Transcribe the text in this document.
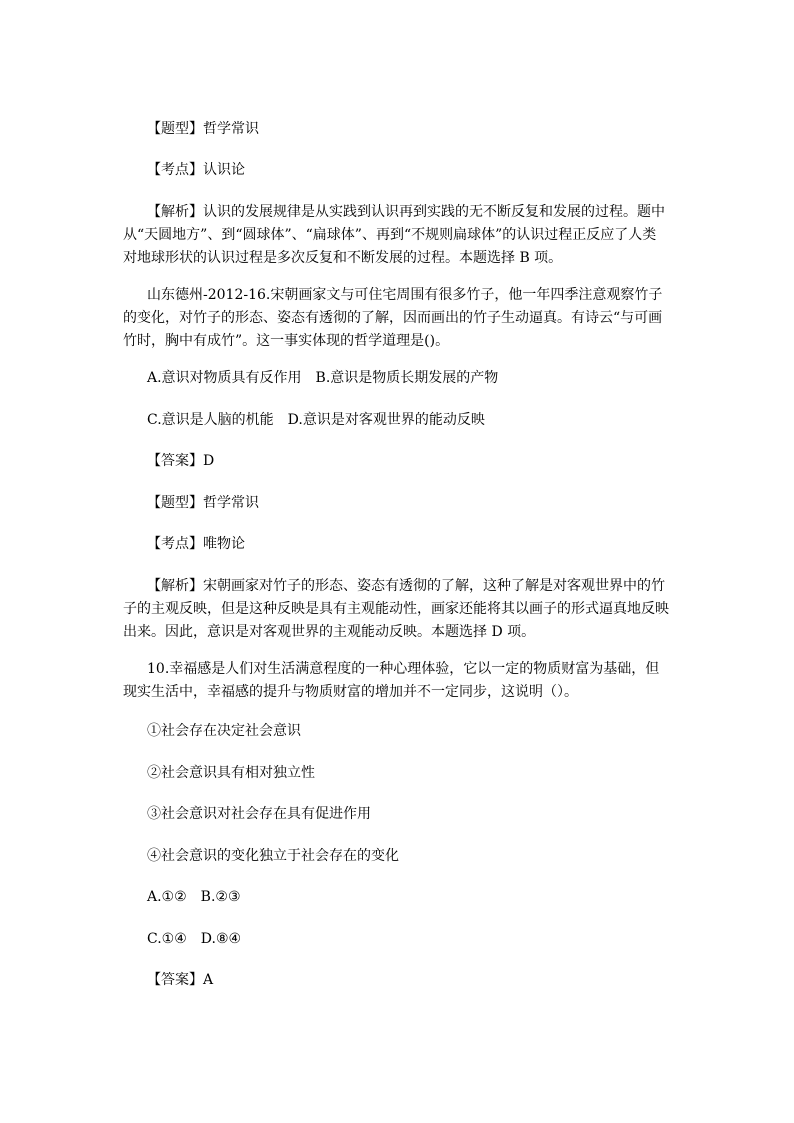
【题型】哲学常识

【考点】认识论

【解析】认识的发展规律是从实践到认识再到实践的无不断反复和发展的过程。题中从“天圆地方”、到“圆球体”、“扁球体”、再到“不规则扁球体”的认识过程正反应了人类对地球形状的认识过程是多次反复和不断发展的过程。本题选择 B 项。

山东德州-2012-16.宋朝画家文与可住宅周围有很多竹子，他一年四季注意观察竹子的变化，对竹子的形态、姿态有透彻的了解，因而画出的竹子生动逼真。有诗云“与可画竹时，胸中有成竹”。这一事实体现的哲学道理是()。

A.意识对物质具有反作用　B.意识是物质长期发展的产物

C.意识是人脑的机能　D.意识是对客观世界的能动反映

【答案】D

【题型】哲学常识

【考点】唯物论

【解析】宋朝画家对竹子的形态、姿态有透彻的了解，这种了解是对客观世界中的竹子的主观反映，但是这种反映是具有主观能动性，画家还能将其以画子的形式逼真地反映出来。因此，意识是对客观世界的主观能动反映。本题选择 D 项。

10.幸福感是人们对生活满意程度的一种心理体验，它以一定的物质财富为基础，但现实生活中，幸福感的提升与物质财富的增加并不一定同步，这说明（）。

①社会存在决定社会意识

②社会意识具有相对独立性

③社会意识对社会存在具有促进作用

④社会意识的变化独立于社会存在的变化

A.①②　B.②③

C.①④　D.⑧④

【答案】A
